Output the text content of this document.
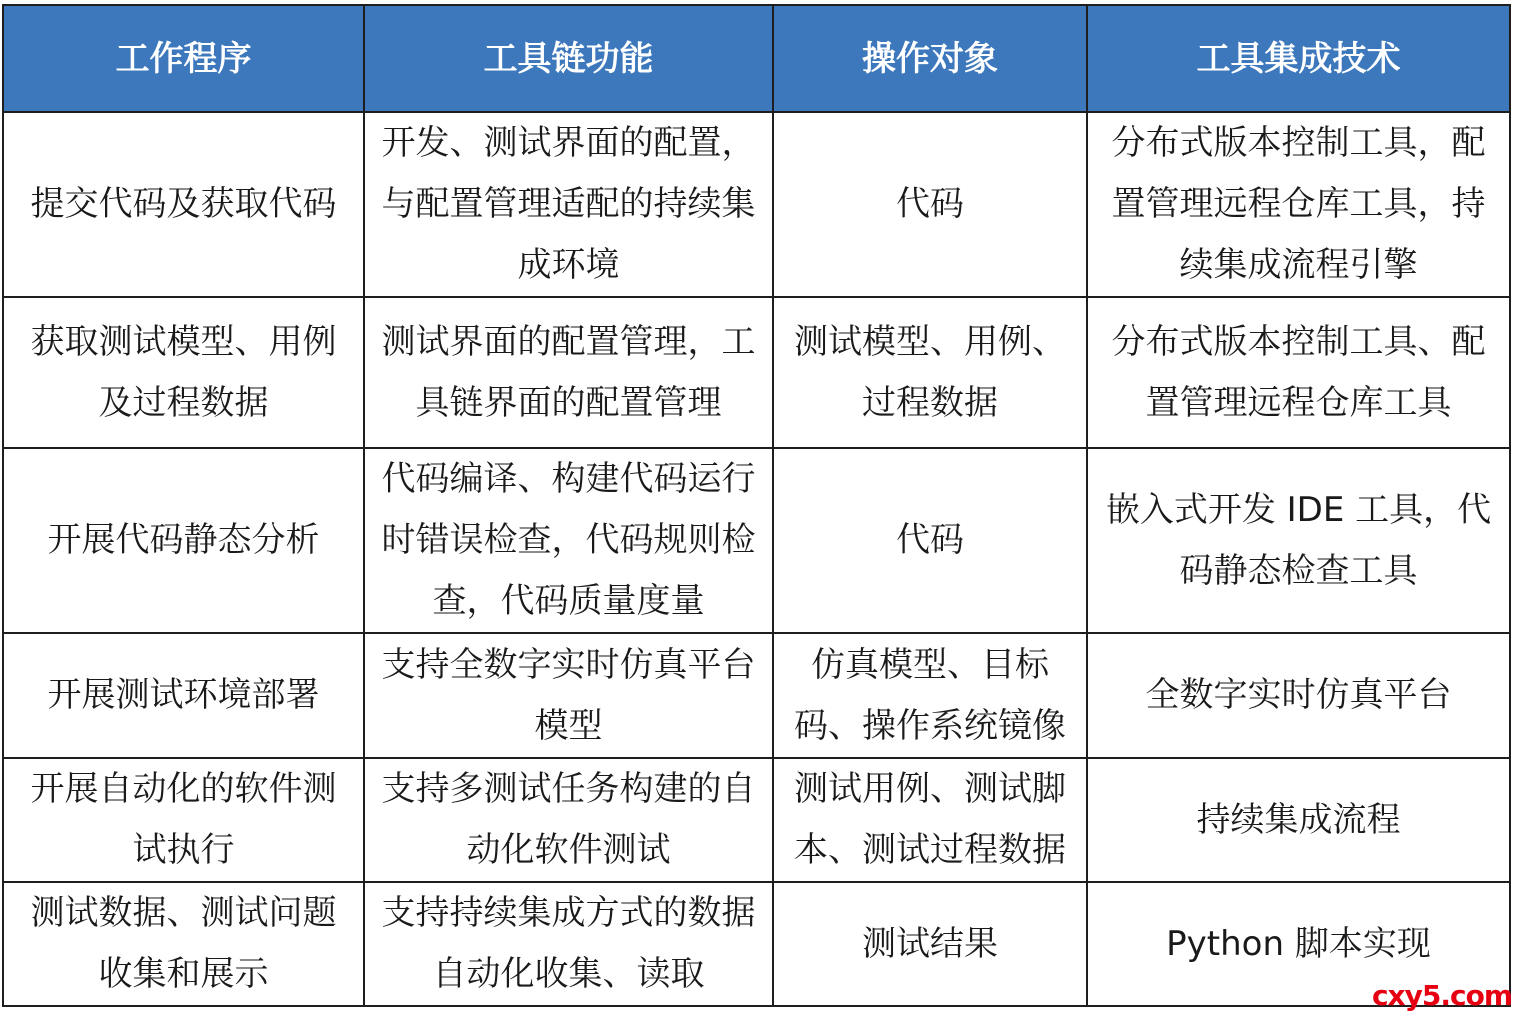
工作程序	工具链功能	操作对象	工具集成技术
提交代码及获取代码	开发、测试界面的配置，与配置管理适配的持续集成环境	代码	分布式版本控制工具，配置管理远程仓库工具，持续集成流程引擎
获取测试模型、用例及过程数据	测试界面的配置管理，工具链界面的配置管理	测试模型、用例、过程数据	分布式版本控制工具、配置管理远程仓库工具
开展代码静态分析	代码编译、构建代码运行时错误检查，代码规则检查，代码质量度量	代码	嵌入式开发 IDE 工具，代码静态检查工具
开展测试环境部署	支持全数字实时仿真平台模型	仿真模型、目标码、操作系统镜像	全数字实时仿真平台
开展自动化的软件测试执行	支持多测试任务构建的自动化软件测试	测试用例、测试脚本、测试过程数据	持续集成流程
测试数据、测试问题收集和展示	支持持续集成方式的数据自动化收集、读取	测试结果	Python 脚本实现
cxy5.com
